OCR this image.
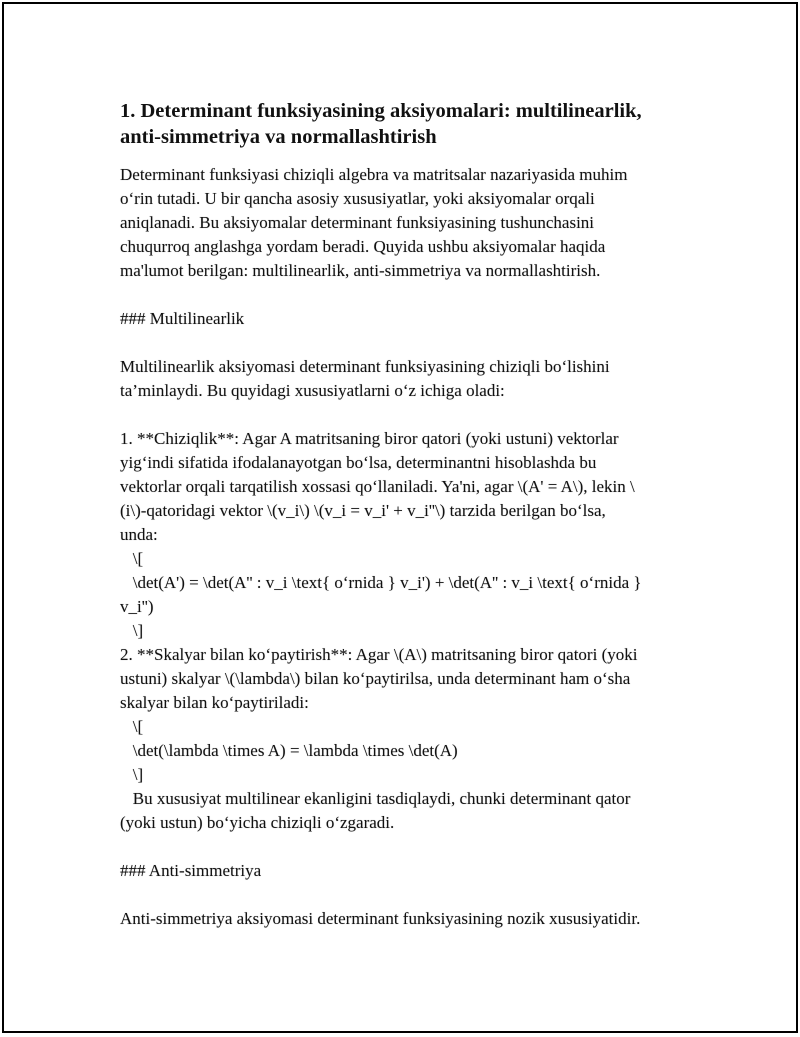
1. Determinant funksiyasining aksiyomalari: multilinearlik,
anti-simmetriya va normallashtirish
Determinant funksiyasi chiziqli algebra va matritsalar nazariyasida muhim
o‘rin tutadi. U bir qancha asosiy xususiyatlar, yoki aksiyomalar orqali
aniqlanadi. Bu aksiyomalar determinant funksiyasining tushunchasini
chuqurroq anglashga yordam beradi. Quyida ushbu aksiyomalar haqida
ma'lumot berilgan: multilinearlik, anti-simmetriya va normallashtirish.
### Multilinearlik
Multilinearlik aksiyomasi determinant funksiyasining chiziqli bo‘lishini
ta’minlaydi. Bu quyidagi xususiyatlarni o‘z ichiga oladi:
1. **Chiziqlik**: Agar A matritsaning biror qatori (yoki ustuni) vektorlar
yig‘indi sifatida ifodalanayotgan bo‘lsa, determinantni hisoblashda bu
vektorlar orqali tarqatilish xossasi qo‘llaniladi. Ya'ni, agar \(A' = A\), lekin \
(i\)-qatoridagi vektor \(v_i\) \(v_i = v_i' + v_i''\) tarzida berilgan bo‘lsa,
unda:
\[
\det(A') = \det(A'' : v_i \text{ o‘rnida } v_i') + \det(A'' : v_i \text{ o‘rnida }
v_i'')
\]
2. **Skalyar bilan ko‘paytirish**: Agar \(A\) matritsaning biror qatori (yoki
ustuni) skalyar \(\lambda\) bilan ko‘paytirilsa, unda determinant ham o‘sha
skalyar bilan ko‘paytiriladi:
\[
\det(\lambda \times A) = \lambda \times \det(A)
\]
Bu xususiyat multilinear ekanligini tasdiqlaydi, chunki determinant qator
(yoki ustun) bo‘yicha chiziqli o‘zgaradi.
### Anti-simmetriya
Anti-simmetriya aksiyomasi determinant funksiyasining nozik xususiyatidir.
